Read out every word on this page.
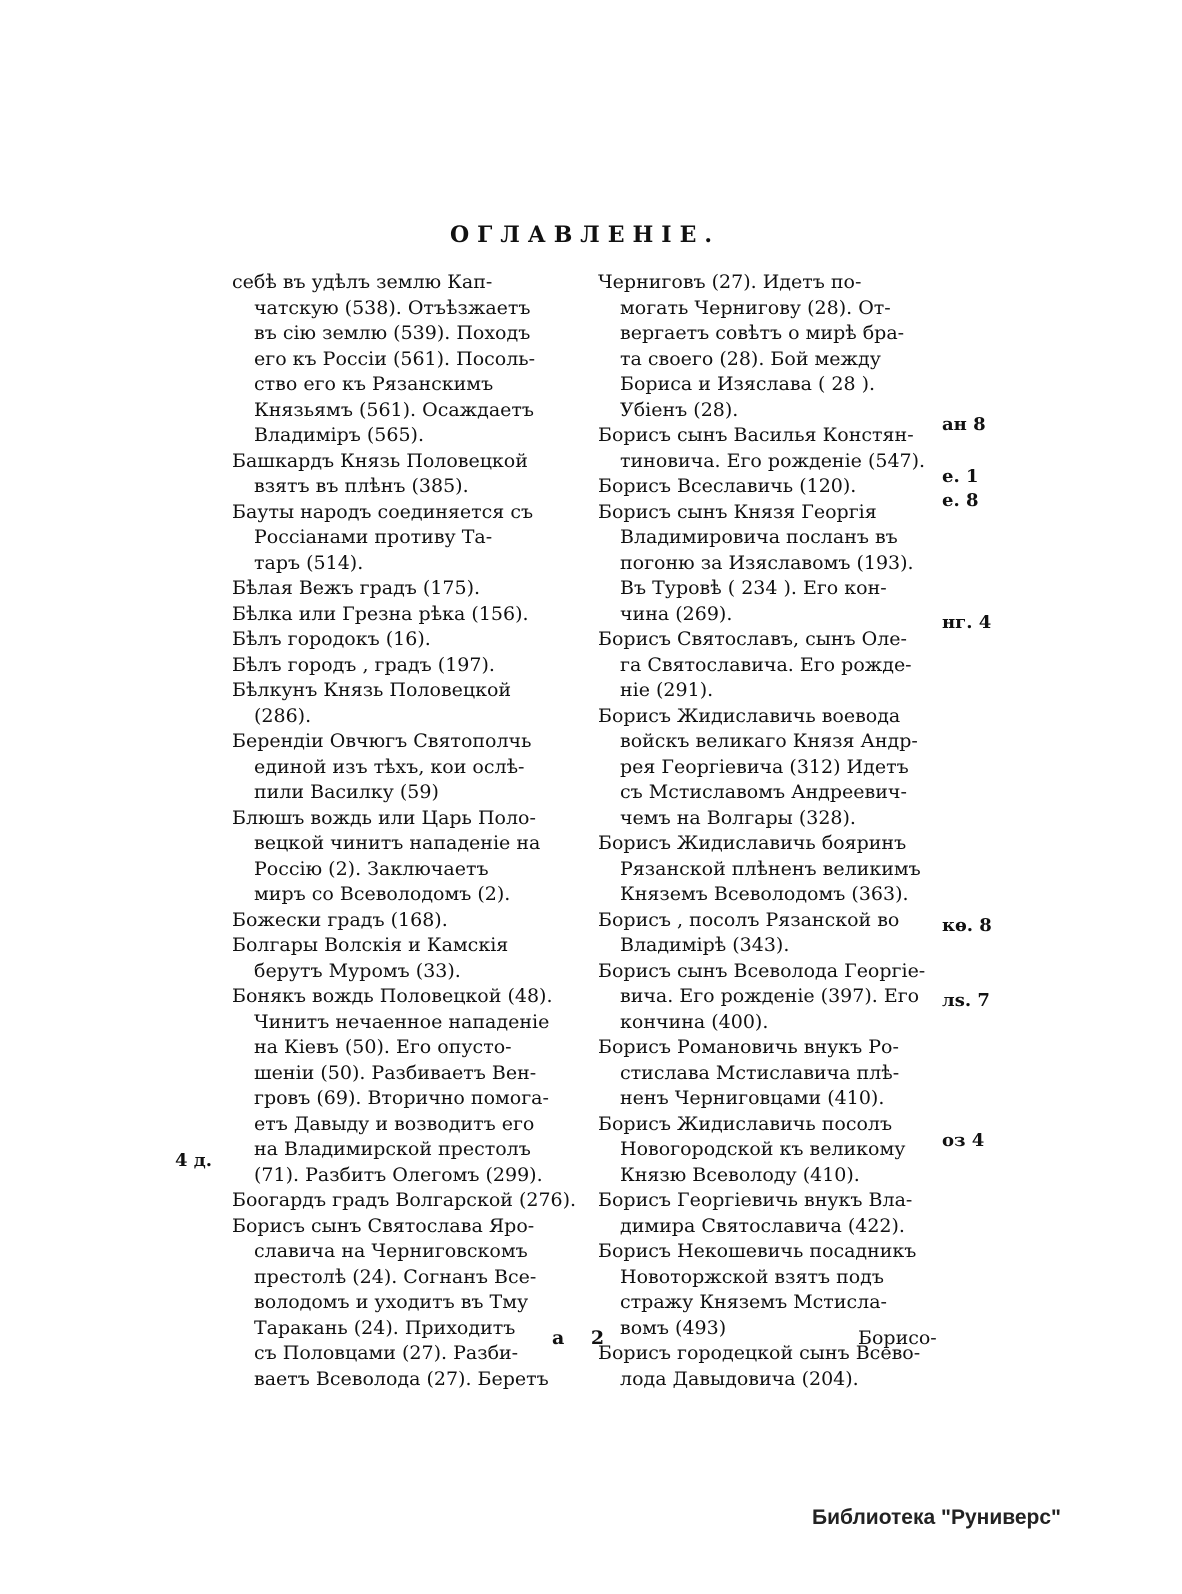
ОГЛАВЛЕНІЕ.
себѣ въ удѣлъ землю Кап-
чатскую (538). Отъѣзжаетъ
въ сію землю (539). Походъ
его къ Россіи (561). Посоль-
ство его къ Рязанскимъ
Князьямъ (561). Осаждаетъ
Владиміръ (565).
Башкардъ Князь Половецкой
взятъ въ плѣнъ (385).
Бауты народъ соединяется съ
Россіанами противу Та-
таръ (514).
Бѣлая Вежъ градъ (175).
Бѣлка или Грезна рѣка (156).
Бѣлъ городокъ (16).
Бѣлъ городъ , градъ (197).
Бѣлкунъ Князь Половецкой
(286).
Берендіи Овчюгъ Святополчь
единой изъ тѣхъ, кои ослѣ-
пили Василку (59)
Блюшъ вождь или Царь Поло-
вецкой чинитъ нападеніе на
Россію (2). Заключаетъ
миръ со Всеволодомъ (2).
Божески градъ (168).
Болгары Волскія и Камскія
берутъ Муромъ (33).
Бонякъ вождь Половецкой (48).
Чинитъ нечаенное нападеніе
на Кіевъ (50). Его опусто-
шеніи (50). Разбиваетъ Вен-
гровъ (69). Вторично помога-
етъ Давыду и возводитъ его
на Владимирской престолъ
(71). Разбитъ Олегомъ (299).
Боогардъ градъ Волгарской (276).
Борисъ сынъ Святослава Яро-
славича на Черниговскомъ
престолѣ (24). Согнанъ Все-
володомъ и уходитъ въ Тму
Таракань (24). Приходитъ
съ Половцами (27). Разби-
ваетъ Всеволода (27). Беретъ
Черниговъ (27). Идетъ по-
могать Чернигову (28). От-
вергаетъ совѣтъ о мирѣ бра-
та своего (28). Бой между
Бориса и Изяслава ( 28 ).
Убіенъ (28).
Борисъ сынъ Василья Констян-
тиновича. Его рожденіе (547).
Борисъ Всеславичь (120).
Борисъ сынъ Князя Георгія
Владимировича посланъ въ
погоню за Изяславомъ (193).
Въ Туровѣ ( 234 ). Его кон-
чина (269).
Борисъ Святославъ, сынъ Оле-
га Святославича. Его рожде-
ніе (291).
Борисъ Жидиславичь воевода
войскъ великаго Князя Андр-
рея Георгіевича (312) Идетъ
съ Мстиславомъ Андреевич-
чемъ на Волгары (328).
Борисъ Жидиславичь бояринъ
Рязанской плѣненъ великимъ
Княземъ Всеволодомъ (363).
Борисъ , посолъ Рязанской во
Владимірѣ (343).
Борисъ сынъ Всеволода Георгіе-
вича. Его рожденіе (397). Его
кончина (400).
Борисъ Романовичь внукъ Ро-
стислава Мстиславича плѣ-
ненъ Черниговцами (410).
Борисъ Жидиславичь посолъ
Новогородской къ великому
Князю Всеволоду (410).
Борисъ Георгіевичь внукъ Вла-
димира Святославича (422).
Борисъ Некошевичь посадникъ
Новоторжской взятъ подъ
стражу Княземъ Мстисла-
вомъ (493)
Борисъ городецкой сынъ Всево-
лода Давыдовича (204).
4 д.
ан 8
е. 1
е. 8
нг. 4
кѳ. 8
лs. 7
оз 4
а 2	Борисо-
Библиотека "Руниверс"
